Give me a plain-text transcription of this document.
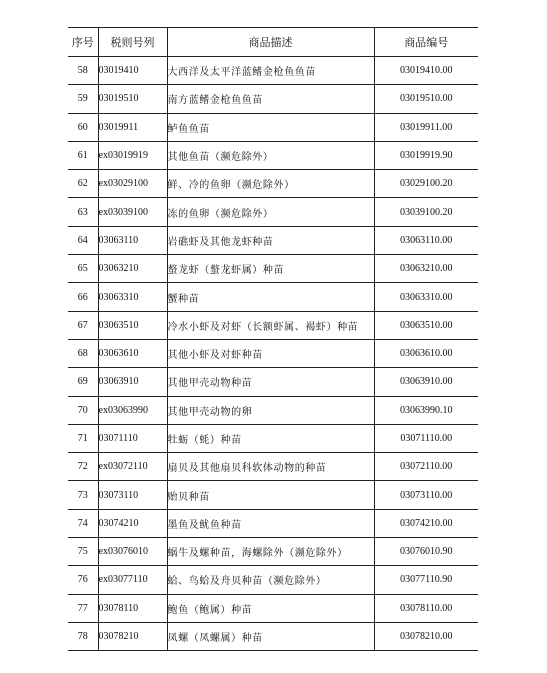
序号	税则号列	商品描述	商品编号
58	03019410	大西洋及太平洋蓝鳍金枪鱼鱼苗	03019410.00
59	03019510	南方蓝鳍金枪鱼鱼苗	03019510.00
60	03019911	鲈鱼鱼苗	03019911.00
61	ex03019919	其他鱼苗（濒危除外）	03019919.90
62	ex03029100	鲜、冷的鱼卵（濒危除外）	03029100.20
63	ex03039100	冻的鱼卵（濒危除外）	03039100.20
64	03063110	岩礁虾及其他龙虾种苗	03063110.00
65	03063210	螯龙虾（螯龙虾属）种苗	03063210.00
66	03063310	蟹种苗	03063310.00
67	03063510	冷水小虾及对虾（长额虾属、褐虾）种苗	03063510.00
68	03063610	其他小虾及对虾种苗	03063610.00
69	03063910	其他甲壳动物种苗	03063910.00
70	ex03063990	其他甲壳动物的卵	03063990.10
71	03071110	牡蛎（蚝）种苗	03071110.00
72	ex03072110	扇贝及其他扇贝科软体动物的种苗	03072110.00
73	03073110	贻贝种苗	03073110.00
74	03074210	墨鱼及鱿鱼种苗	03074210.00
75	ex03076010	蜗牛及螺种苗，海螺除外（濒危除外）	03076010.90
76	ex03077110	蛤、鸟蛤及舟贝种苗（濒危除外）	03077110.90
77	03078110	鲍鱼（鲍属）种苗	03078110.00
78	03078210	凤螺（凤螺属）种苗	03078210.00
